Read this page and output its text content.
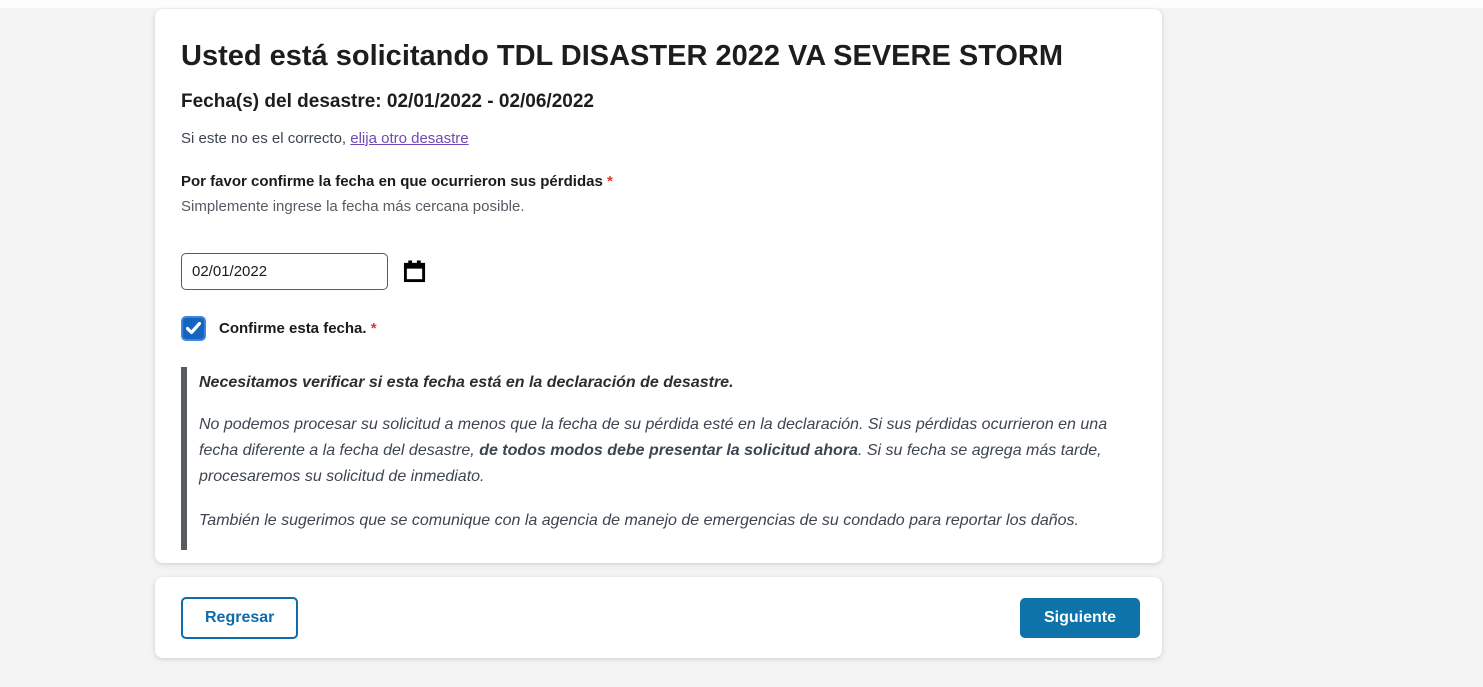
Usted está solicitando TDL DISASTER 2022 VA SEVERE STORM
Fecha(s) del desastre: 02/01/2022 - 02/06/2022
Si este no es el correcto, elija otro desastre
Por favor confirme la fecha en que ocurrieron sus pérdidas *
Simplemente ingrese la fecha más cercana posible.
02/01/2022
Confirme esta fecha. *
Necesitamos verificar si esta fecha está en la declaración de desastre.

No podemos procesar su solicitud a menos que la fecha de su pérdida esté en la declaración. Si sus pérdidas ocurrieron en una fecha diferente a la fecha del desastre, de todos modos debe presentar la solicitud ahora. Si su fecha se agrega más tarde, procesaremos su solicitud de inmediato.

También le sugerimos que se comunique con la agencia de manejo de emergencias de su condado para reportar los daños.

Regresar	Siguiente
